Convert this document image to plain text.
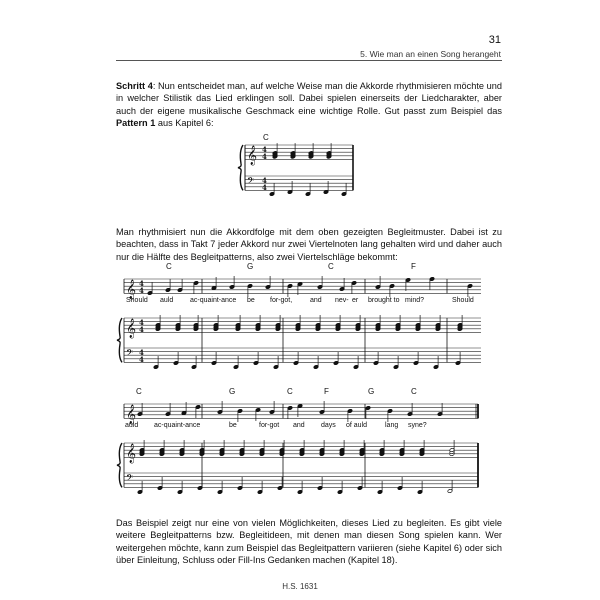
31
5. Wie man an einen Song herangeht

Schritt 4: Nun entscheidet man, auf welche Weise man die Akkorde rhythmisieren möchte und in welcher Stilistik das Lied erklingen soll. Dabei spielen einerseits der Liedcharakter, aber auch der eigene musikalische Geschmack eine wichtige Rolle. Gut passt zum Beispiel das Pattern 1 aus Kapitel 6:

Man rhythmisiert nun die Akkordfolge mit dem oben gezeigten Begleitmuster. Dabei ist zu beachten, dass in Takt 7 jeder Akkord nur zwei Viertelnoten lang gehalten wird und daher auch nur die Hälfte des Begleitpatterns, also zwei Viertelschläge bekommt:

Das Beispiel zeigt nur eine von vielen Möglichkeiten, dieses Lied zu begleiten. Es gibt viele weitere Begleitpatterns bzw. Begleitideen, mit denen man diesen Song spielen kann. Wer weitergehen möchte, kann zum Beispiel das Begleitpattern variieren (siehe Kapitel 6) oder sich über Einleitung, Schluss oder Fill-Ins Gedanken machen (Kapitel 18).

H.S. 1631
𝄞
𝄢
4
4
4
4
𝄞
𝄞
𝄢
4
4
4
4
4
4
𝄞
𝄞
𝄢
C
C	G	C	F
Should auld ac-quaint-ance be for-got,	and nev- er brought to mind?	Should
C	G	C	F	G	C
auld ac-quaint-ance	be	for-got and days of auld	lang syne?
